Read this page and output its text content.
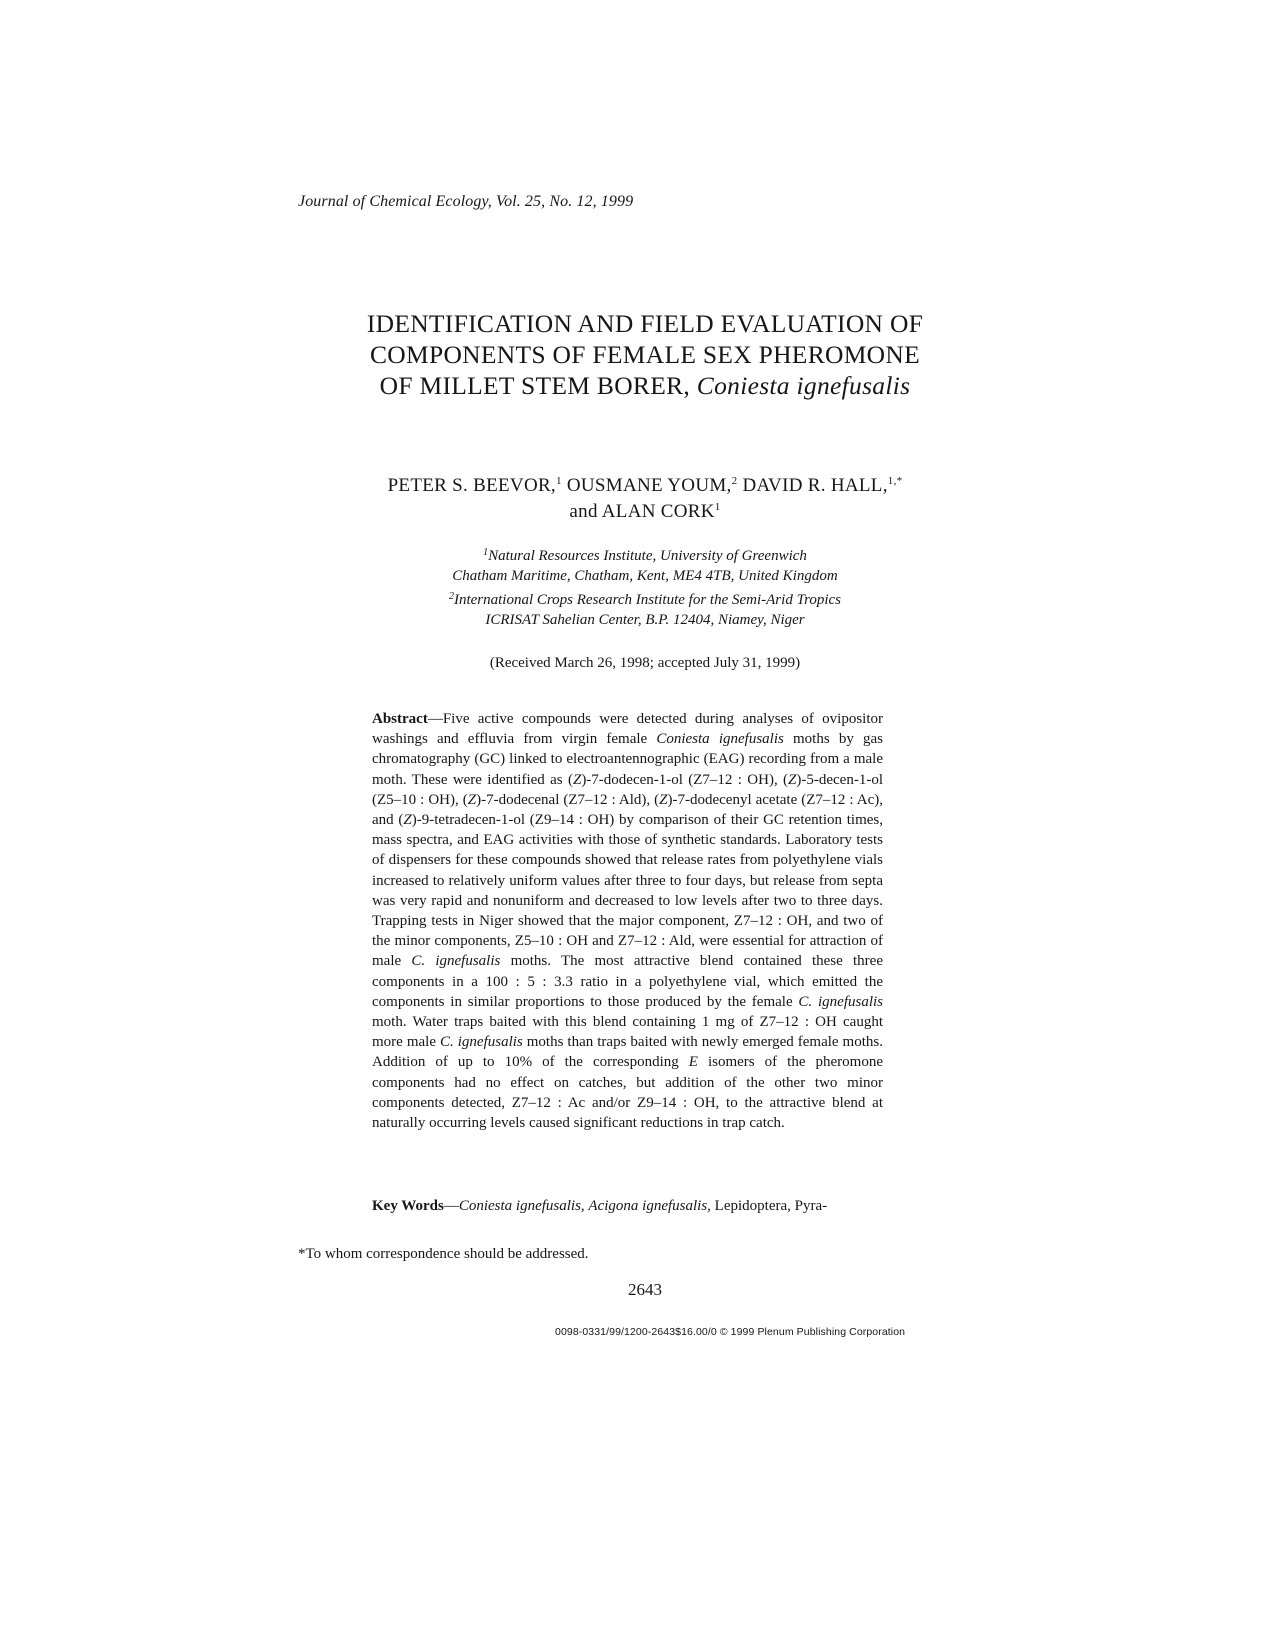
Journal of Chemical Ecology, Vol. 25, No. 12, 1999
IDENTIFICATION AND FIELD EVALUATION OF
COMPONENTS OF FEMALE SEX PHEROMONE
OF MILLET STEM BORER, Coniesta ignefusalis
PETER S. BEEVOR,$^1$ OUSMANE YOUM,$^2$ DAVID R. HALL,$^{1,*}$
and ALAN CORK$^1$
$^1$Natural Resources Institute, University of Greenwich
Chatham Maritime, Chatham, Kent, ME4 4TB, United Kingdom
$^2$International Crops Research Institute for the Semi-Arid Tropics
ICRISAT Sahelian Center, B.P. 12404, Niamey, Niger
(Received March 26, 1998; accepted July 31, 1999)
Abstract—Five active compounds were detected during analyses of ovipositor washings and effluvia from virgin female Coniesta ignefusalis moths by gas chromatography (GC) linked to electroantennographic (EAG) recording from a male moth. These were identified as (Z)-7-dodecen-1-ol (Z7–12 : OH), (Z)-5-decen-1-ol (Z5–10 : OH), (Z)-7-dodecenal (Z7–12 : Ald), (Z)-7-dodecenyl acetate (Z7–12 : Ac), and (Z)-9-tetradecen-1-ol (Z9–14 : OH) by comparison of their GC retention times, mass spectra, and EAG activities with those of synthetic standards. Laboratory tests of dispensers for these compounds showed that release rates from polyethylene vials increased to relatively uniform values after three to four days, but release from septa was very rapid and nonuniform and decreased to low levels after two to three days. Trapping tests in Niger showed that the major component, Z7–12 : OH, and two of the minor components, Z5–10 : OH and Z7–12 : Ald, were essential for attraction of male C. ignefusalis moths. The most attractive blend contained these three components in a 100 : 5 : 3.3 ratio in a polyethylene vial, which emitted the components in similar proportions to those produced by the female C. ignefusalis moth. Water traps baited with this blend containing 1 mg of Z7–12 : OH caught more male C. ignefusalis moths than traps baited with newly emerged female moths. Addition of up to 10% of the corresponding E isomers of the pheromone components had no effect on catches, but addition of the other two minor components detected, Z7–12 : Ac and/or Z9–14 : OH, to the attractive blend at naturally occurring levels caused significant reductions in trap catch.
Key Words—Coniesta ignefusalis, Acigona ignefusalis, Lepidoptera, Pyra-
*To whom correspondence should be addressed.
2643
0098-0331/99/1200-2643$16.00/0 © 1999 Plenum Publishing Corporation
